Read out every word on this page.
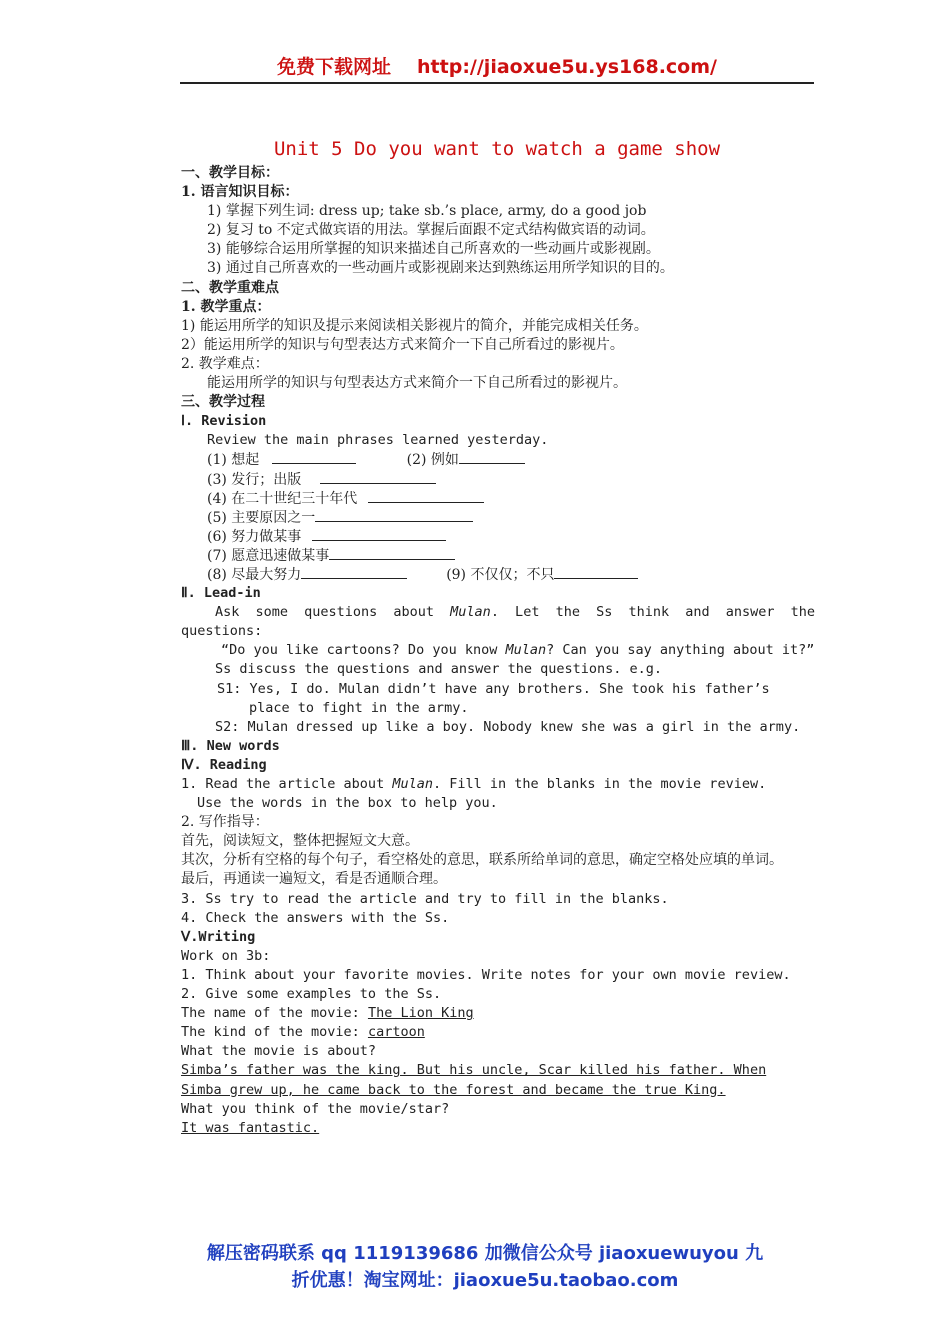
免费下载网址 http://jiaoxue5u.ys168.com/
Unit 5 Do you want to watch a game show
一、教学目标：
1. 语言知识目标：
1) 掌握下列生词: dress up; take sb.’s place, army, do a good job
2) 复习 to 不定式做宾语的用法。掌握后面跟不定式结构做宾语的动词。
3) 能够综合运用所掌握的知识来描述自己所喜欢的一些动画片或影视剧。
3) 通过自己所喜欢的一些动画片或影视剧来达到熟练运用所学知识的目的。
二、教学重难点
1. 教学重点：
1) 能运用所学的知识及提示来阅读相关影视片的简介，并能完成相关任务。
2）能运用所学的知识与句型表达方式来简介一下自己所看过的影视片。
2. 教学难点：
能运用所学的知识与句型表达方式来简介一下自己所看过的影视片。
三、教学过程
Ⅰ. Revision
Review the main phrases learned yesterday.
(1) 想起	(2) 例如
(3) 发行；出版
(4) 在二十世纪三十年代
(5) 主要原因之一
(6) 努力做某事
(7) 愿意迅速做某事
(8) 尽最大努力	(9) 不仅仅；不只
Ⅱ. Lead-in
Ask some questions about Mulan. Let the Ss think and answer the questions:
“Do you like cartoons? Do you know Mulan? Can you say anything about it?”
Ss discuss the questions and answer the questions. e.g.
S1: Yes, I do. Mulan didn’t have any brothers. She took his father’s
place to fight in the army.
S2: Mulan dressed up like a boy. Nobody knew she was a girl in the army.
Ⅲ. New words
Ⅳ. Reading
1. Read the article about Mulan. Fill in the blanks in the movie review.
Use the words in the box to help you.
2. 写作指导：
首先，阅读短文，整体把握短文大意。
其次，分析有空格的每个句子，看空格处的意思，联系所给单词的意思，确定空格处应填的单词。
最后，再通读一遍短文，看是否通顺合理。
3. Ss try to read the article and try to fill in the blanks.
4. Check the answers with the Ss.
Ⅴ.Writing
Work on 3b:
1. Think about your favorite movies. Write notes for your own movie review.
2. Give some examples to the Ss.
The name of the movie: The Lion King
The kind of the movie: cartoon
What the movie is about?
Simba’s father was the king. But his uncle, Scar killed his father. When
Simba grew up, he came back to the forest and became the true King.
What you think of the movie/star?
It was fantastic.
解压密码联系 qq 1119139686 加微信公众号 jiaoxuewuyou 九
折优惠！淘宝网址：jiaoxue5u.taobao.com
